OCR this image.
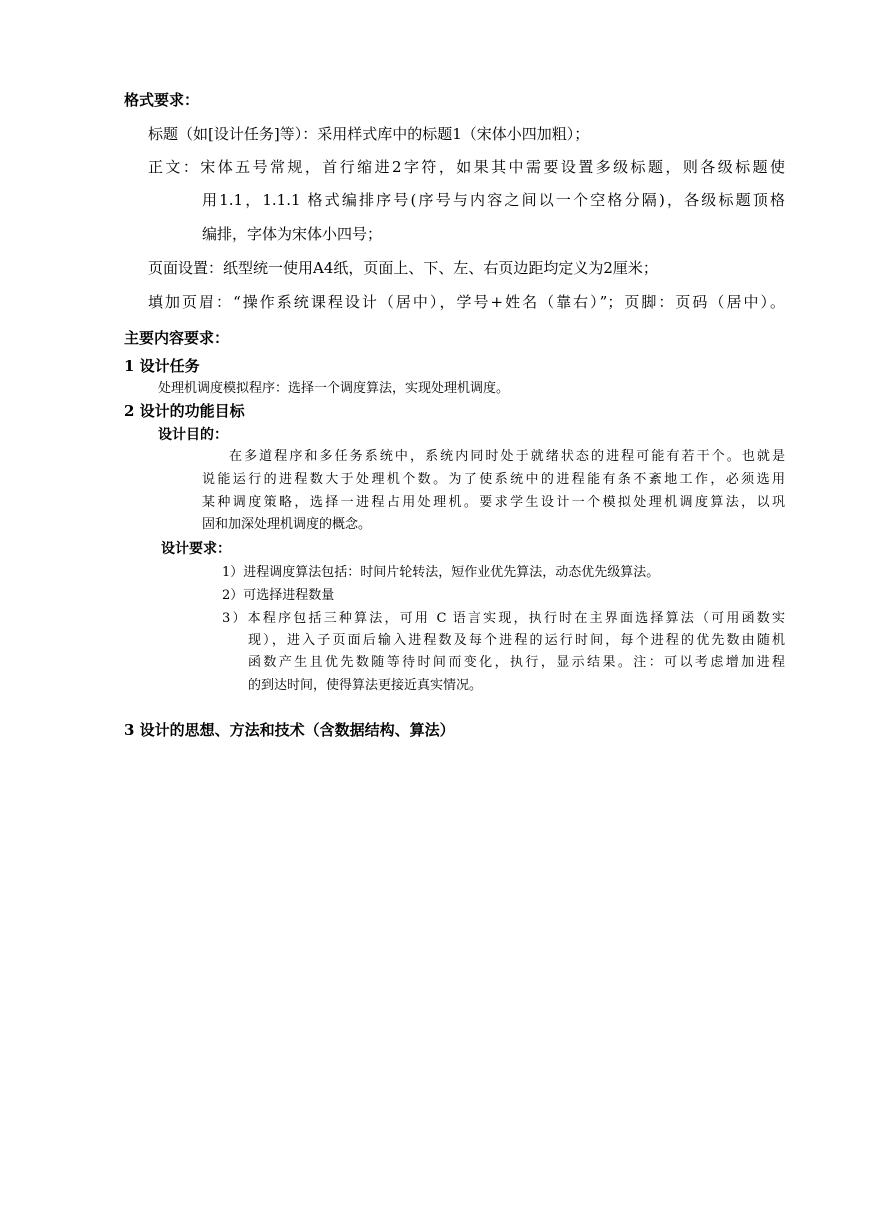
格式要求：
标题（如[设计任务]等）：采用样式库中的标题1（宋体小四加粗）；
正文：宋体五号常规，首行缩进2字符，如果其中需要设置多级标题，则各级标题使
用1.1，1.1.1 格式编排序号(序号与内容之间以一个空格分隔)，各级标题顶格
编排，字体为宋体小四号；
页面设置：纸型统一使用A4纸，页面上、下、左、右页边距均定义为2厘米；
填加页眉：“操作系统课程设计（居中），学号+姓名（靠右）”；页脚：页码（居中）。
主要内容要求：
1 设计任务
处理机调度模拟程序：选择一个调度算法，实现处理机调度。
2 设计的功能目标
设计目的：
在多道程序和多任务系统中，系统内同时处于就绪状态的进程可能有若干个。也就是
说能运行的进程数大于处理机个数。为了使系统中的进程能有条不紊地工作，必须选用
某种调度策略，选择一进程占用处理机。要求学生设计一个模拟处理机调度算法，以巩
固和加深处理机调度的概念。
设计要求：
1）进程调度算法包括：时间片轮转法，短作业优先算法，动态优先级算法。
2）可选择进程数量
3）本程序包括三种算法，可用 C 语言实现，执行时在主界面选择算法（可用函数实
现），进入子页面后输入进程数及每个进程的运行时间，每个进程的优先数由随机
函数产生且优先数随等待时间而变化，执行，显示结果。注：可以考虑增加进程
的到达时间，使得算法更接近真实情况。
3 设计的思想、方法和技术（含数据结构、算法）
